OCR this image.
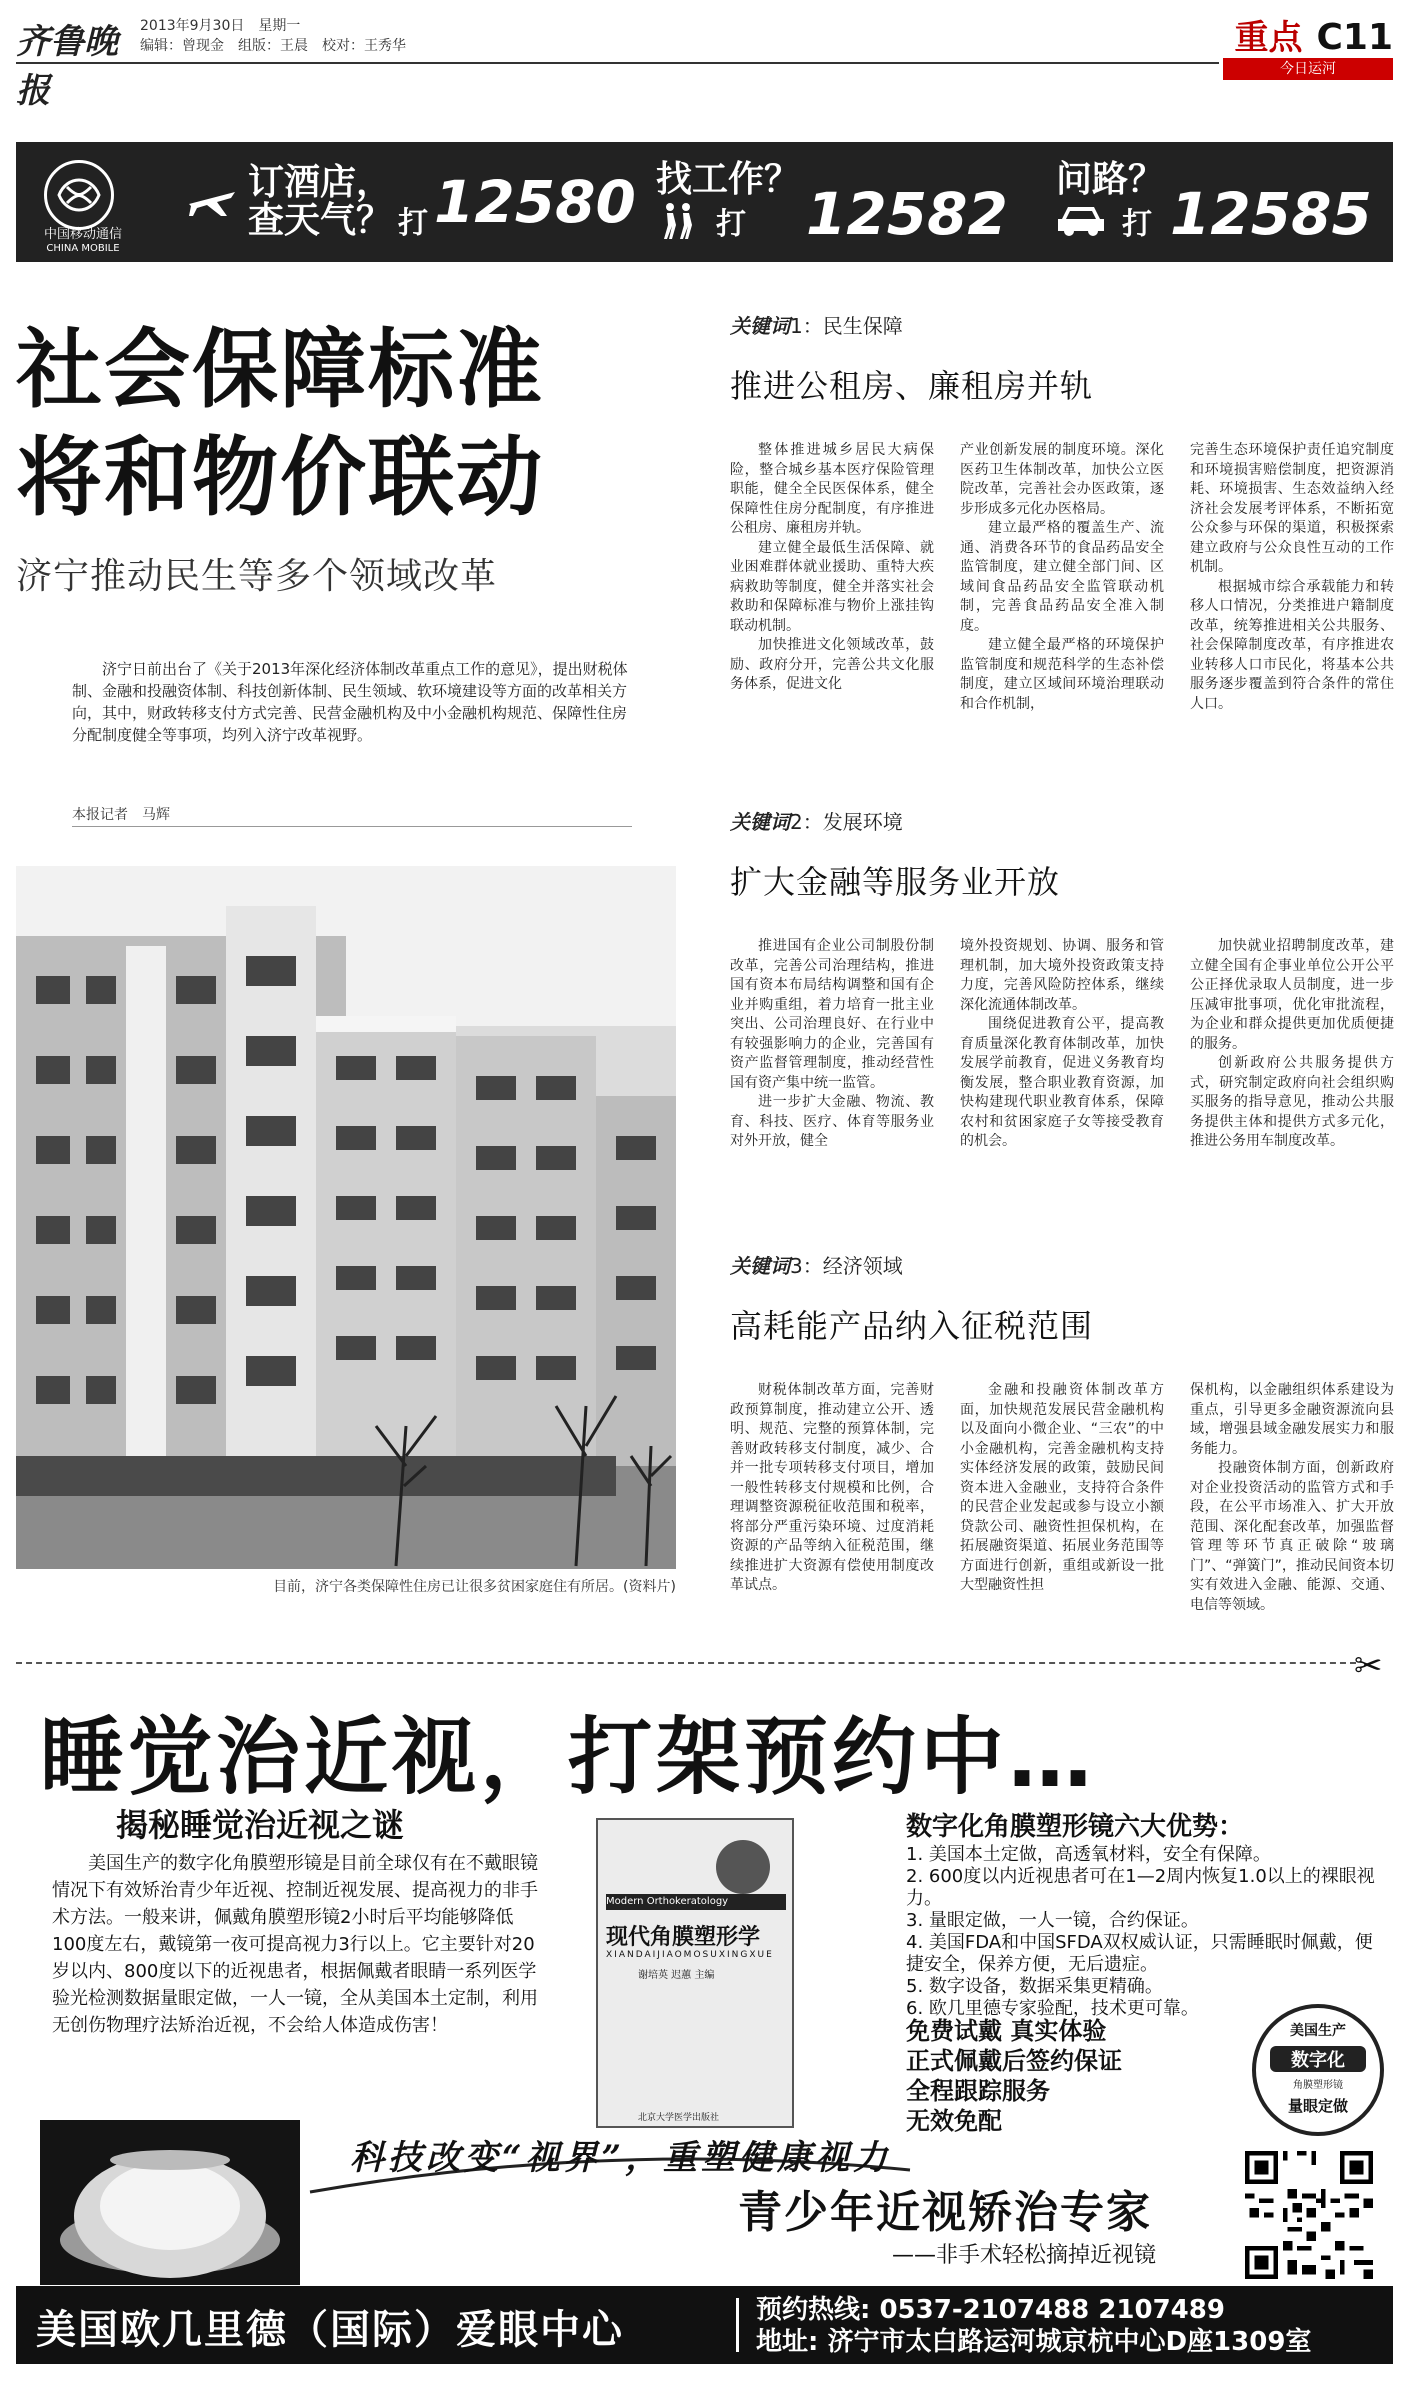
齐鲁晚报
2013年9月30日　 星期一
编辑：曾现金　 组版：王晨　 校对：王秀华	重点 C11
今日运河
中国移动通信
CHINA MOBILE
订酒店，
查天气？ 打 12580 找工作？
打 12582
问路？
打 12585
社会保障标准
将和物价联动
济宁推动民生等多个领域改革
济宁日前出台了《关于2013年深化经济体制改革重点工作的意见》，提出财税体制、金融和投融资体制、科技创新体制、民生领域、软环境建设等方面的改革相关方向，其中，财政转移支付方式完善、民营金融机构及中小金融机构规范、保障性住房分配制度健全等事项，均列入济宁改革视野。
本报记者　马辉
目前，济宁各类保障性住房已让很多贫困家庭住有所居。(资料片)
关键词1：民生保障
推进公租房、廉租房并轨

整体推进城乡居民大病保险，整合城乡基本医疗保险管理职能，健全全民医保体系，健全保障性住房分配制度，有序推进公租房、廉租房并轨。

建立健全最低生活保障、就业困难群体就业援助、重特大疾病救助等制度，健全并落实社会救助和保障标准与物价上涨挂钩联动机制。

加快推进文化领域改革，鼓励、政府分开，完善公共文化服务体系，促进文化

产业创新发展的制度环境。深化医药卫生体制改革，加快公立医院改革，完善社会办医政策，逐步形成多元化办医格局。

建立最严格的覆盖生产、流通、消费各环节的食品药品安全监管制度，建立健全部门间、区域间食品药品安全监管联动机制，完善食品药品安全准入制度。

建立健全最严格的环境保护监管制度和规范科学的生态补偿制度，建立区域间环境治理联动和合作机制，

完善生态环境保护责任追究制度和环境损害赔偿制度，把资源消耗、环境损害、生态效益纳入经济社会发展考评体系，不断拓宽公众参与环保的渠道，积极探索建立政府与公众良性互动的工作机制。

根据城市综合承载能力和转移人口情况，分类推进户籍制度改革，统筹推进相关公共服务、社会保障制度改革，有序推进农业转移人口市民化，将基本公共服务逐步覆盖到符合条件的常住人口。

关键词2：发展环境
扩大金融等服务业开放

推进国有企业公司制股份制改革，完善公司治理结构，推进国有资本布局结构调整和国有企业并购重组，着力培育一批主业突出、公司治理良好、在行业中有较强影响力的企业，完善国有资产监督管理制度，推动经营性国有资产集中统一监管。

进一步扩大金融、物流、教育、科技、医疗、体育等服务业对外开放，健全

境外投资规划、协调、服务和管理机制，加大境外投资政策支持力度，完善风险防控体系，继续深化流通体制改革。

围绕促进教育公平，提高教育质量深化教育体制改革，加快发展学前教育，促进义务教育均衡发展，整合职业教育资源，加快构建现代职业教育体系，保障农村和贫困家庭子女等接受教育的机会。

加快就业招聘制度改革，建立健全国有企事业单位公开公平公正择优录取人员制度，进一步压减审批事项，优化审批流程，为企业和群众提供更加优质便捷的服务。

创新政府公共服务提供方式，研究制定政府向社会组织购买服务的指导意见，推动公共服务提供主体和提供方式多元化，推进公务用车制度改革。

关键词3：经济领域
高耗能产品纳入征税范围

财税体制改革方面，完善财政预算制度，推动建立公开、透明、规范、完整的预算体制，完善财政转移支付制度，减少、合并一批专项转移支付项目，增加一般性转移支付规模和比例，合理调整资源税征收范围和税率，将部分严重污染环境、过度消耗资源的产品等纳入征税范围，继续推进扩大资源有偿使用制度改革试点。

金融和投融资体制改革方面，加快规范发展民营金融机构以及面向小微企业、“三农”的中小金融机构，完善金融机构支持实体经济发展的政策，鼓励民间资本进入金融业，支持符合条件的民营企业发起或参与设立小额贷款公司、融资性担保机构，在拓展融资渠道、拓展业务范围等方面进行创新，重组或新设一批大型融资性担

保机构，以金融组织体系建设为重点，引导更多金融资源流向县域，增强县域金融发展实力和服务能力。

投融资体制方面，创新政府对企业投资活动的监管方式和手段，在公平市场准入、扩大开放范围、深化配套改革，加强监督管理等环节真正破除“玻璃门”、“弹簧门”，推动民间资本切实有效进入金融、能源、交通、电信等领域。

✂
睡觉治近视，打架预约中…
揭秘睡觉治近视之谜
美国生产的数字化角膜塑形镜是目前全球仅有在不戴眼镜情况下有效矫治青少年近视、控制近视发展、提高视力的非手术方法。一般来讲，佩戴角膜塑形镜2小时后平均能够降低100度左右，戴镜第一夜可提高视力3行以上。它主要针对20岁以内、800度以下的近视患者，根据佩戴者眼睛一系列医学验光检测数据量眼定做，一人一镜，全从美国本土定制，利用无创伤物理疗法矫治近视，不会给人体造成伤害！
Modern Orthokeratology
现代角膜塑形学
XIANDAIJIAOMOSUXINGXUE
谢培英 迟蕙 主编
北京大学医学出版社
数字化角膜塑形镜六大优势：
1. 美国本土定做，高透氧材料，安全有保障。
2. 600度以内近视患者可在1—2周内恢复1.0以上的裸眼视力。
3. 量眼定做，一人一镜，合约保证。
4. 美国FDA和中国SFDA双权威认证，只需睡眠时佩戴，便捷安全，保养方便，无后遗症。
5. 数字设备，数据采集更精确。
6. 欧几里德专家验配，技术更可靠。
免费试戴 真实体验
正式佩戴后签约保证
全程跟踪服务
无效免配
美国生产
数字化
角膜塑形镜
量眼定做
科技改变“视界”，重塑健康视力
青少年近视矫治专家
——非手术轻松摘掉近视镜
美国欧几里德（国际）爱眼中心	预约热线: 0537-2107488 2107489
地址: 济宁市太白路运河城京杭中心D座1309室
